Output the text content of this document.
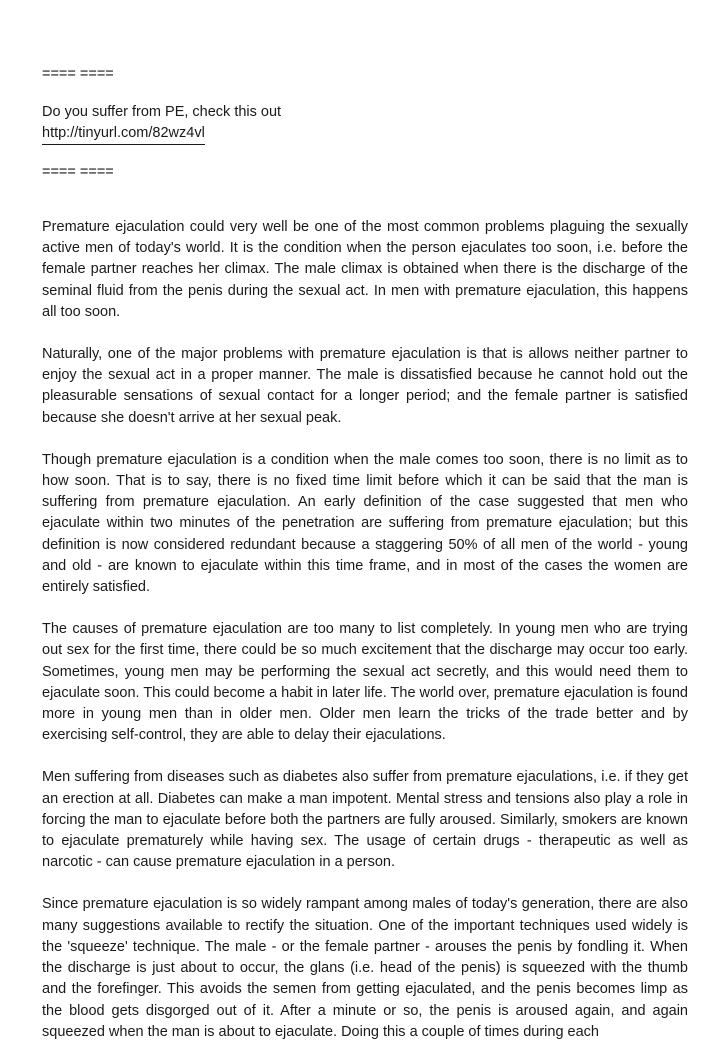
==== ====

Do you suffer from PE, check this out

http://tinyurl.com/82wz4vl

==== ====

Premature ejaculation could very well be one of the most common problems plaguing the sexually active men of today's world. It is the condition when the person ejaculates too soon, i.e. before the female partner reaches her climax. The male climax is obtained when there is the discharge of the seminal fluid from the penis during the sexual act. In men with premature ejaculation, this happens all too soon.

Naturally, one of the major problems with premature ejaculation is that is allows neither partner to enjoy the sexual act in a proper manner. The male is dissatisfied because he cannot hold out the pleasurable sensations of sexual contact for a longer period; and the female partner is satisfied because she doesn't arrive at her sexual peak.

Though premature ejaculation is a condition when the male comes too soon, there is no limit as to how soon. That is to say, there is no fixed time limit before which it can be said that the man is suffering from premature ejaculation. An early definition of the case suggested that men who ejaculate within two minutes of the penetration are suffering from premature ejaculation; but this definition is now considered redundant because a staggering 50% of all men of the world - young and old - are known to ejaculate within this time frame, and in most of the cases the women are entirely satisfied.

The causes of premature ejaculation are too many to list completely. In young men who are trying out sex for the first time, there could be so much excitement that the discharge may occur too early. Sometimes, young men may be performing the sexual act secretly, and this would need them to ejaculate soon. This could become a habit in later life. The world over, premature ejaculation is found more in young men than in older men. Older men learn the tricks of the trade better and by exercising self-control, they are able to delay their ejaculations.

Men suffering from diseases such as diabetes also suffer from premature ejaculations, i.e. if they get an erection at all. Diabetes can make a man impotent. Mental stress and tensions also play a role in forcing the man to ejaculate before both the partners are fully aroused. Similarly, smokers are known to ejaculate prematurely while having sex. The usage of certain drugs - therapeutic as well as narcotic - can cause premature ejaculation in a person.

Since premature ejaculation is so widely rampant among males of today's generation, there are also many suggestions available to rectify the situation. One of the important techniques used widely is the 'squeeze' technique. The male - or the female partner - arouses the penis by fondling it. When the discharge is just about to occur, the glans (i.e. head of the penis) is squeezed with the thumb and the forefinger. This avoids the semen from getting ejaculated, and the penis becomes limp as the blood gets disgorged out of it. After a minute or so, the penis is aroused again, and again squeezed when the man is about to ejaculate. Doing this a couple of times during each
